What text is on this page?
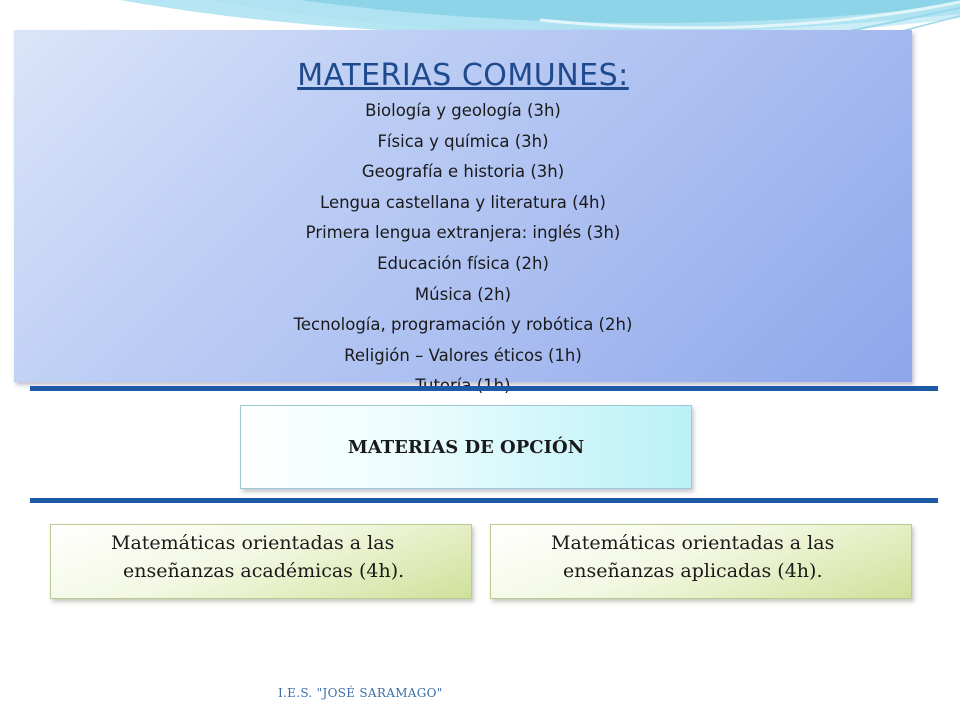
MATERIAS COMUNES:
Biología y geología (3h)
Física y química (3h)
Geografía e historia (3h)
Lengua castellana y literatura (4h)
Primera lengua extranjera: inglés (3h)
Educación física (2h)
Música (2h)
Tecnología, programación y robótica (2h)
Religión – Valores éticos (1h)
MATERIAS DE OPCIÓN
Matemáticas orientadas a las
enseñanzas académicas (4h).
Matemáticas orientadas a las
enseñanzas aplicadas (4h).
I.E.S. "JOSÉ SARAMAGO"
